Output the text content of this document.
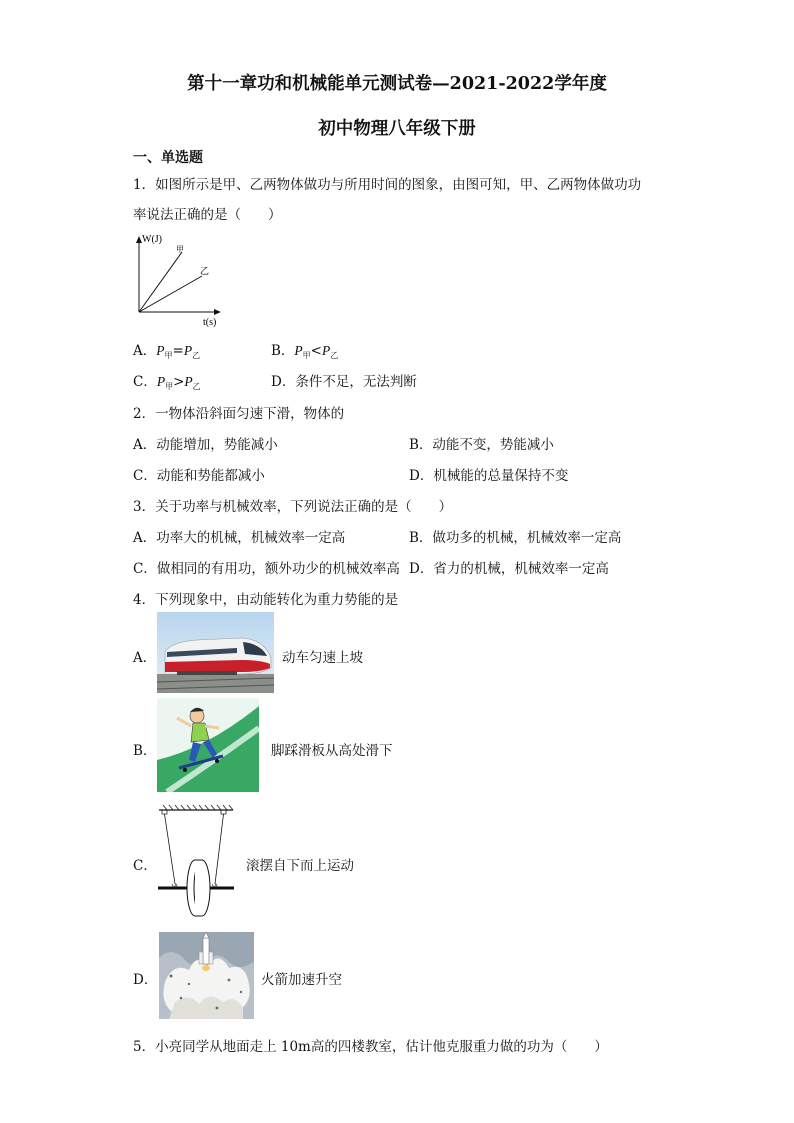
第十一章功和机械能单元测试卷—2021-2022学年度
初中物理八年级下册
一、单选题
1．如图所示是甲、乙两物体做功与所用时间的图象，由图可知，甲、乙两物体做功功
率说法正确的是（　　）
W(J)
t(s)
甲
乙
A．$P_甲=P_乙$	B．$P_甲<P_乙$
C．$P_甲>P_乙$	D．条件不足，无法判断
2．一物体沿斜面匀速下滑，物体的
A．动能增加，势能减小	B．动能不变，势能减小
C．动能和势能都减小	D．机械能的总量保持不变
3．关于功率与机械效率，下列说法正确的是（　　）
A．功率大的机械，机械效率一定高	B．做功多的机械，机械效率一定高
C．做相同的有用功，额外功少的机械效率高 D．省力的机械，机械效率一定高
4．下列现象中，由动能转化为重力势能的是
A．	动车匀速上坡
B．	脚踩滑板从高处滑下
C．	滚摆自下而上运动
D．	火箭加速升空
5．小亮同学从地面走上 10m高的四楼教室，估计他克服重力做的功为（　　）
